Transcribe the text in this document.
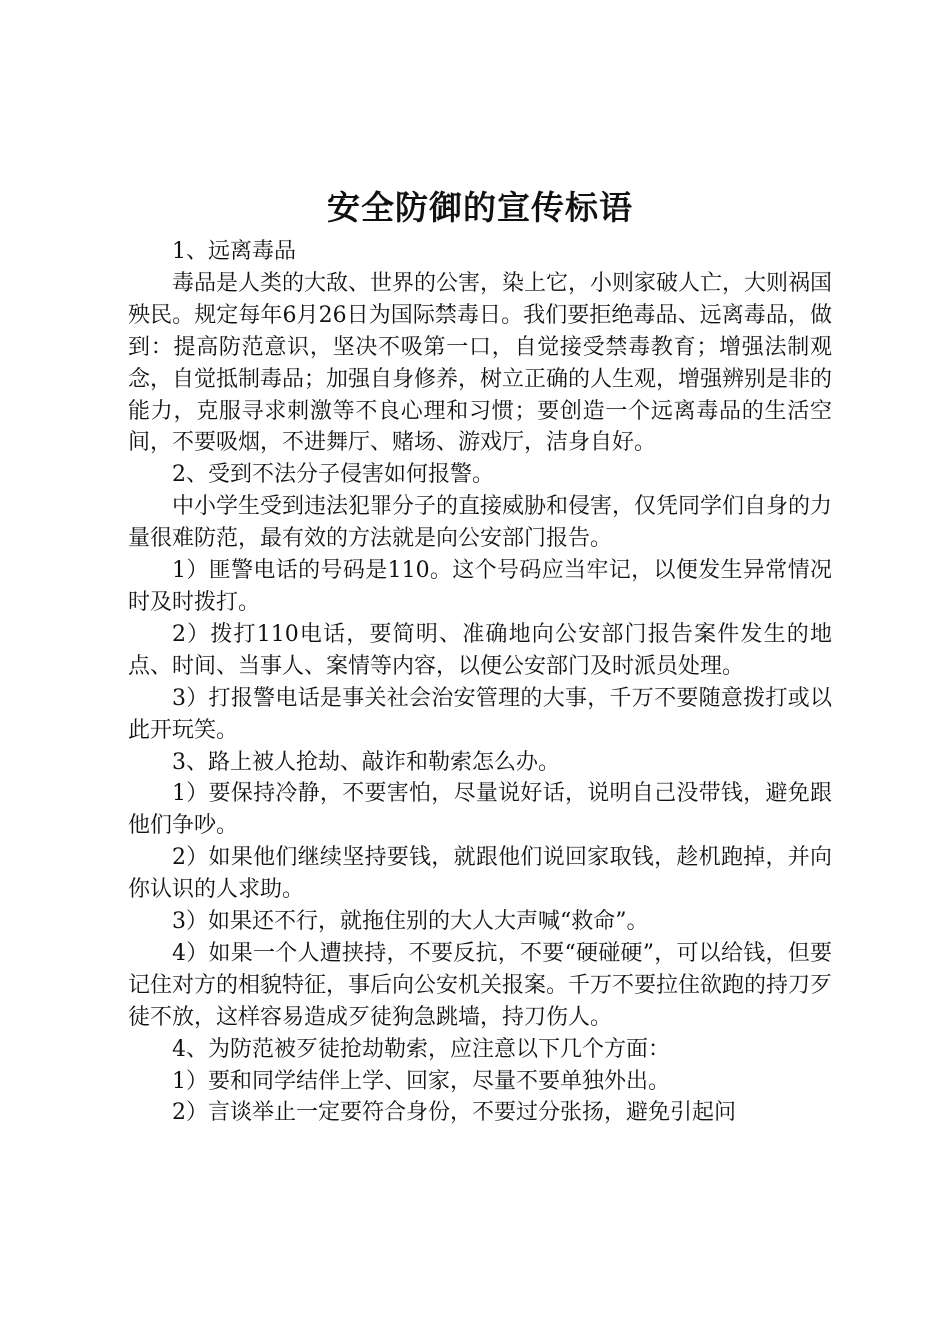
安全防御的宣传标语

1、远离毒品

毒品是人类的大敌、世界的公害，染上它，小则家破人亡，大则祸国殃民。规定每年6月26日为国际禁毒日。我们要拒绝毒品、远离毒品，做到：提高防范意识，坚决不吸第一口，自觉接受禁毒教育；增强法制观念，自觉抵制毒品；加强自身修养，树立正确的人生观，增强辨别是非的能力，克服寻求刺激等不良心理和习惯；要创造一个远离毒品的生活空间，不要吸烟，不进舞厅、赌场、游戏厅，洁身自好。

2、受到不法分子侵害如何报警。

中小学生受到违法犯罪分子的直接威胁和侵害，仅凭同学们自身的力量很难防范，最有效的方法就是向公安部门报告。

1）匪警电话的号码是110。这个号码应当牢记，以便发生异常情况时及时拨打。

2）拨打110电话，要简明、准确地向公安部门报告案件发生的地点、时间、当事人、案情等内容，以便公安部门及时派员处理。

3）打报警电话是事关社会治安管理的大事，千万不要随意拨打或以此开玩笑。

3、路上被人抢劫、敲诈和勒索怎么办。

1）要保持冷静，不要害怕，尽量说好话，说明自己没带钱，避免跟他们争吵。

2）如果他们继续坚持要钱，就跟他们说回家取钱，趁机跑掉，并向你认识的人求助。

3）如果还不行，就拖住别的大人大声喊“救命”。

4）如果一个人遭挟持，不要反抗，不要“硬碰硬”，可以给钱，但要记住对方的相貌特征，事后向公安机关报案。千万不要拉住欲跑的持刀歹徒不放，这样容易造成歹徒狗急跳墙，持刀伤人。

4、为防范被歹徒抢劫勒索，应注意以下几个方面：

1）要和同学结伴上学、回家，尽量不要单独外出。

2）言谈举止一定要符合身份，不要过分张扬，避免引起问
